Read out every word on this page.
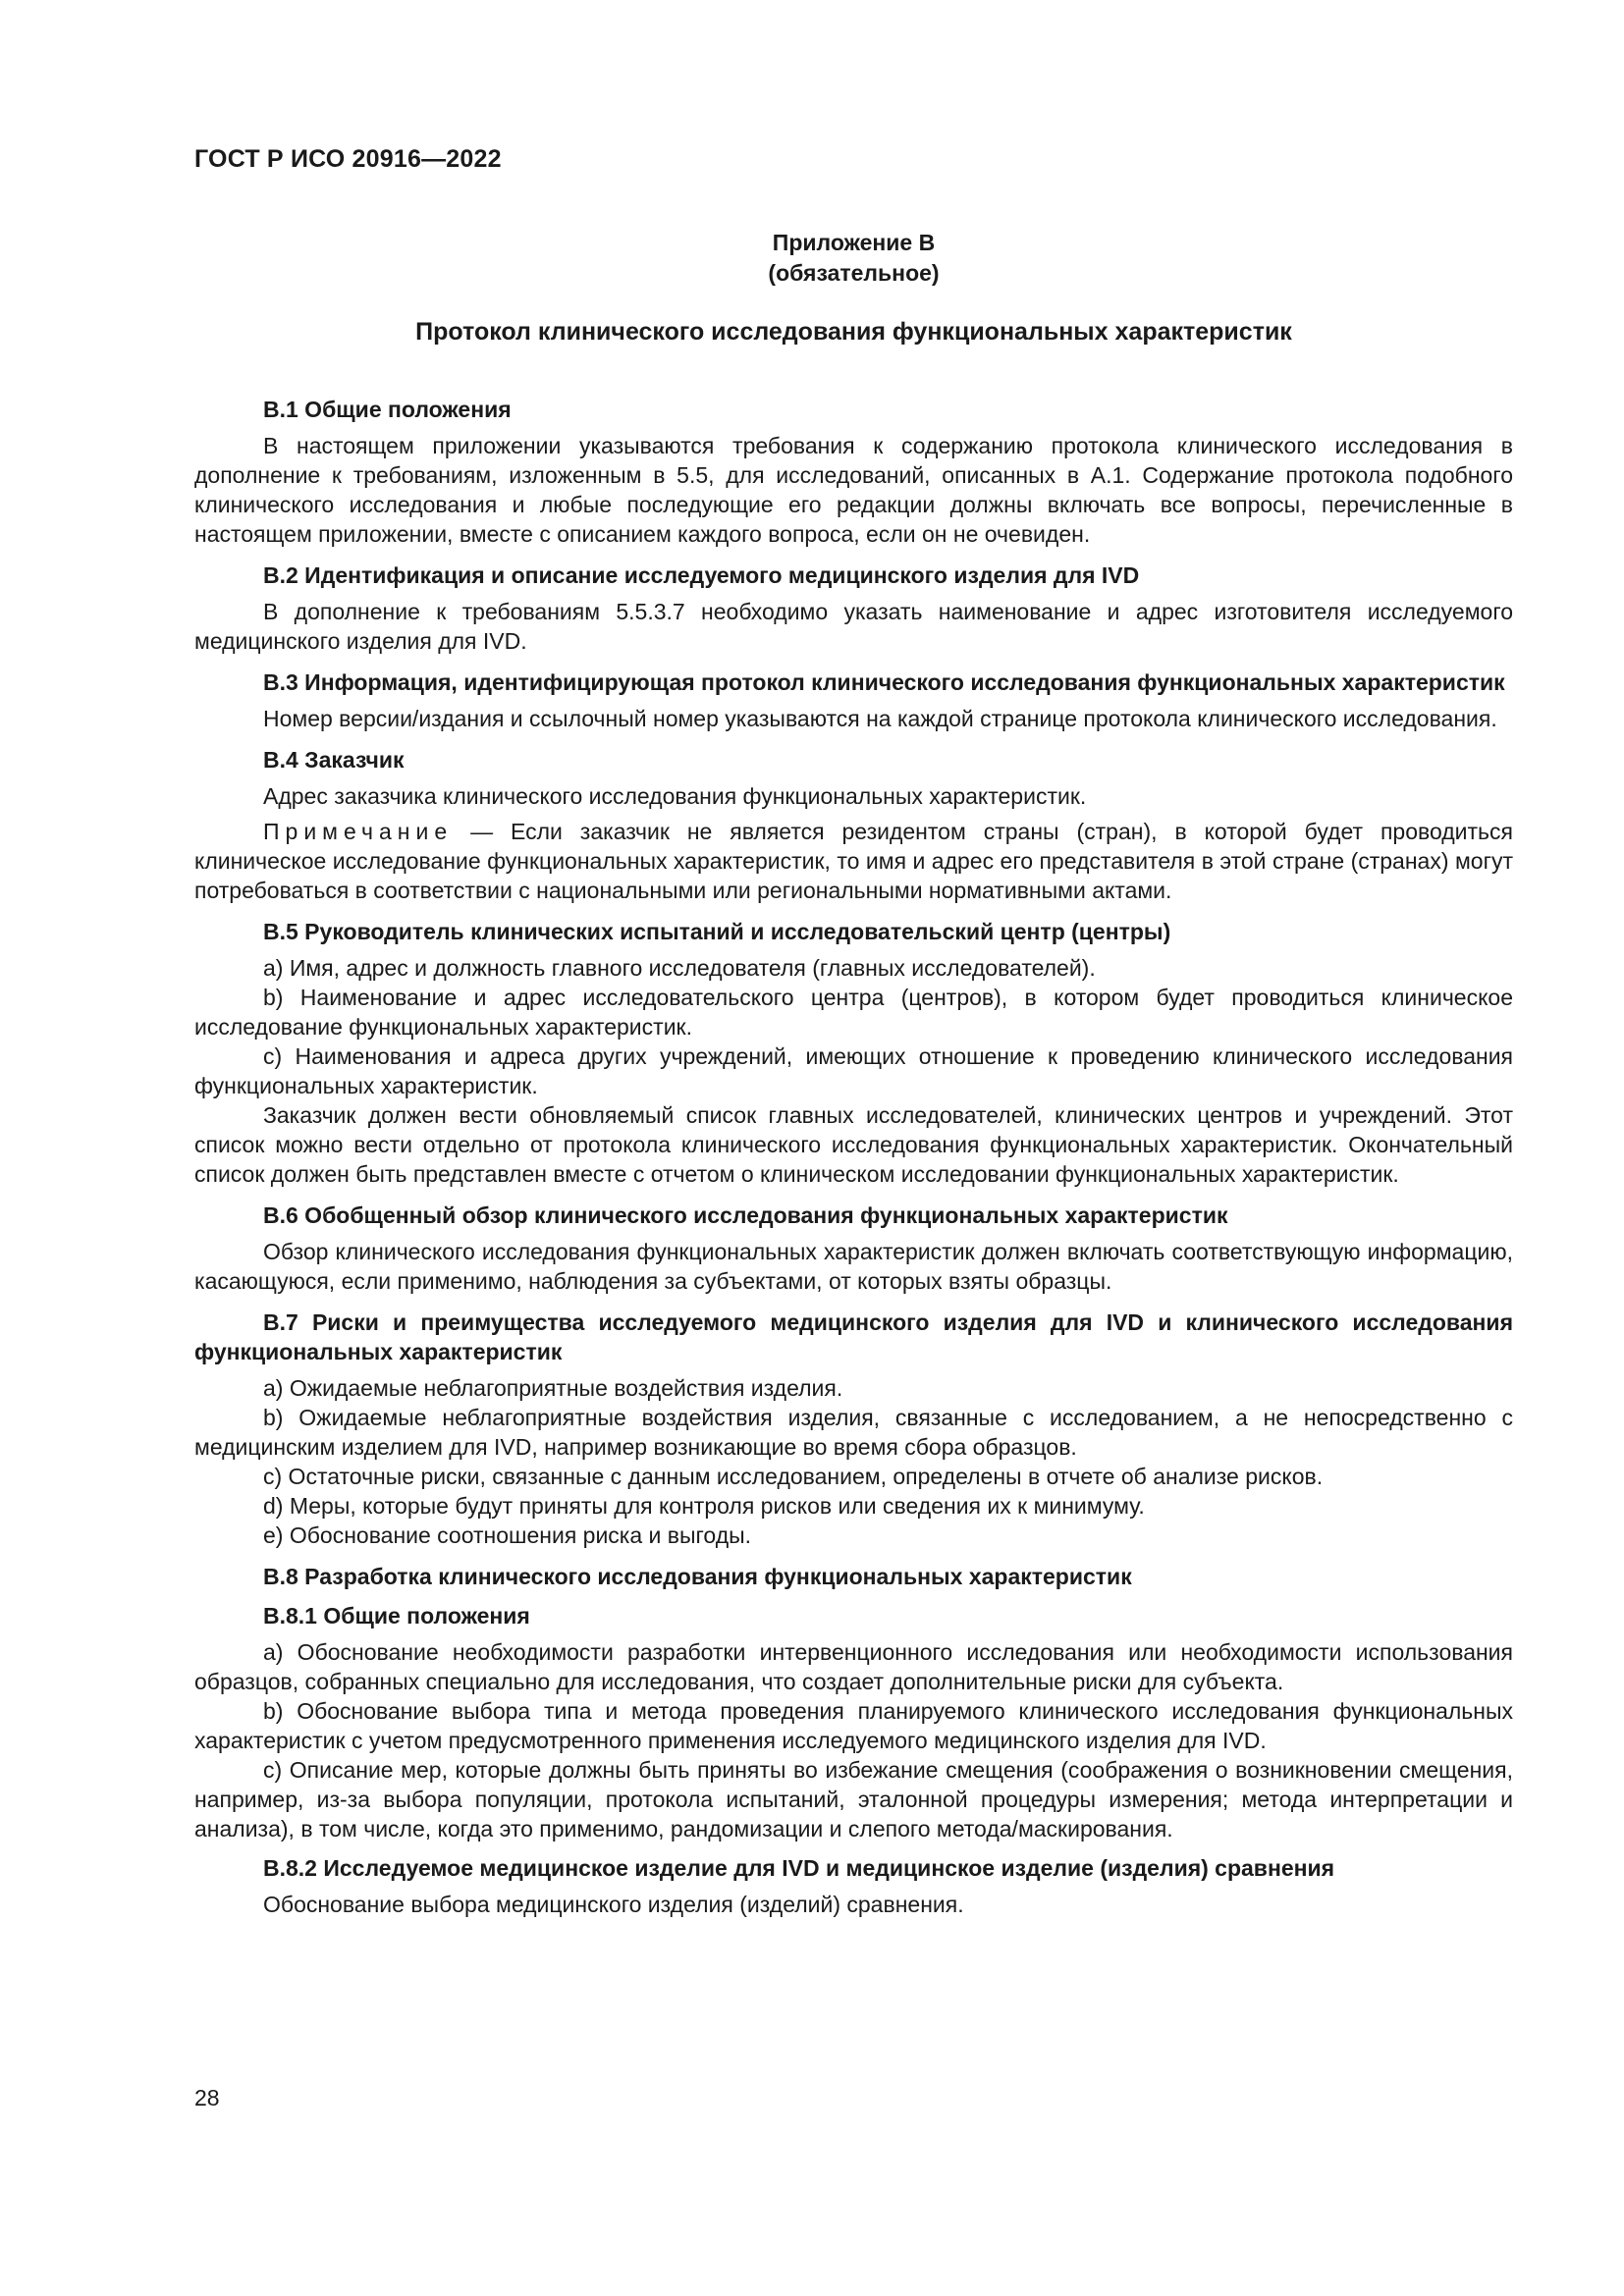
ГОСТ Р ИСО 20916—2022
Приложение B
(обязательное)
Протокол клинического исследования функциональных характеристик
B.1 Общие положения
В настоящем приложении указываются требования к содержанию протокола клинического исследования в дополнение к требованиям, изложенным в 5.5, для исследований, описанных в А.1. Содержание протокола подобного клинического исследования и любые последующие его редакции должны включать все вопросы, перечисленные в настоящем приложении, вместе с описанием каждого вопроса, если он не очевиден.
B.2 Идентификация и описание исследуемого медицинского изделия для IVD
В дополнение к требованиям 5.5.3.7 необходимо указать наименование и адрес изготовителя исследуемого медицинского изделия для IVD.
B.3 Информация, идентифицирующая протокол клинического исследования функциональных характеристик
Номер версии/издания и ссылочный номер указываются на каждой странице протокола клинического исследования.
B.4 Заказчик
Адрес заказчика клинического исследования функциональных характеристик.
Примечание — Если заказчик не является резидентом страны (стран), в которой будет проводиться клиническое исследование функциональных характеристик, то имя и адрес его представителя в этой стране (странах) могут потребоваться в соответствии с национальными или региональными нормативными актами.
B.5 Руководитель клинических испытаний и исследовательский центр (центры)
a) Имя, адрес и должность главного исследователя (главных исследователей).
b) Наименование и адрес исследовательского центра (центров), в котором будет проводиться клиническое исследование функциональных характеристик.
c) Наименования и адреса других учреждений, имеющих отношение к проведению клинического исследования функциональных характеристик.
Заказчик должен вести обновляемый список главных исследователей, клинических центров и учреждений. Этот список можно вести отдельно от протокола клинического исследования функциональных характеристик. Окончательный список должен быть представлен вместе с отчетом о клиническом исследовании функциональных характеристик.
B.6 Обобщенный обзор клинического исследования функциональных характеристик
Обзор клинического исследования функциональных характеристик должен включать соответствующую информацию, касающуюся, если применимо, наблюдения за субъектами, от которых взяты образцы.
B.7 Риски и преимущества исследуемого медицинского изделия для IVD и клинического исследования функциональных характеристик
a) Ожидаемые неблагоприятные воздействия изделия.
b) Ожидаемые неблагоприятные воздействия изделия, связанные с исследованием, а не непосредственно с медицинским изделием для IVD, например возникающие во время сбора образцов.
c) Остаточные риски, связанные с данным исследованием, определены в отчете об анализе рисков.
d) Меры, которые будут приняты для контроля рисков или сведения их к минимуму.
e) Обоснование соотношения риска и выгоды.
B.8 Разработка клинического исследования функциональных характеристик
B.8.1 Общие положения
a) Обоснование необходимости разработки интервенционного исследования или необходимости использования образцов, собранных специально для исследования, что создает дополнительные риски для субъекта.
b) Обоснование выбора типа и метода проведения планируемого клинического исследования функциональных характеристик с учетом предусмотренного применения исследуемого медицинского изделия для IVD.
c) Описание мер, которые должны быть приняты во избежание смещения (соображения о возникновении смещения, например, из-за выбора популяции, протокола испытаний, эталонной процедуры измерения; метода интерпретации и анализа), в том числе, когда это применимо, рандомизации и слепого метода/маскирования.
B.8.2 Исследуемое медицинское изделие для IVD и медицинское изделие (изделия) сравнения
Обоснование выбора медицинского изделия (изделий) сравнения.
28
